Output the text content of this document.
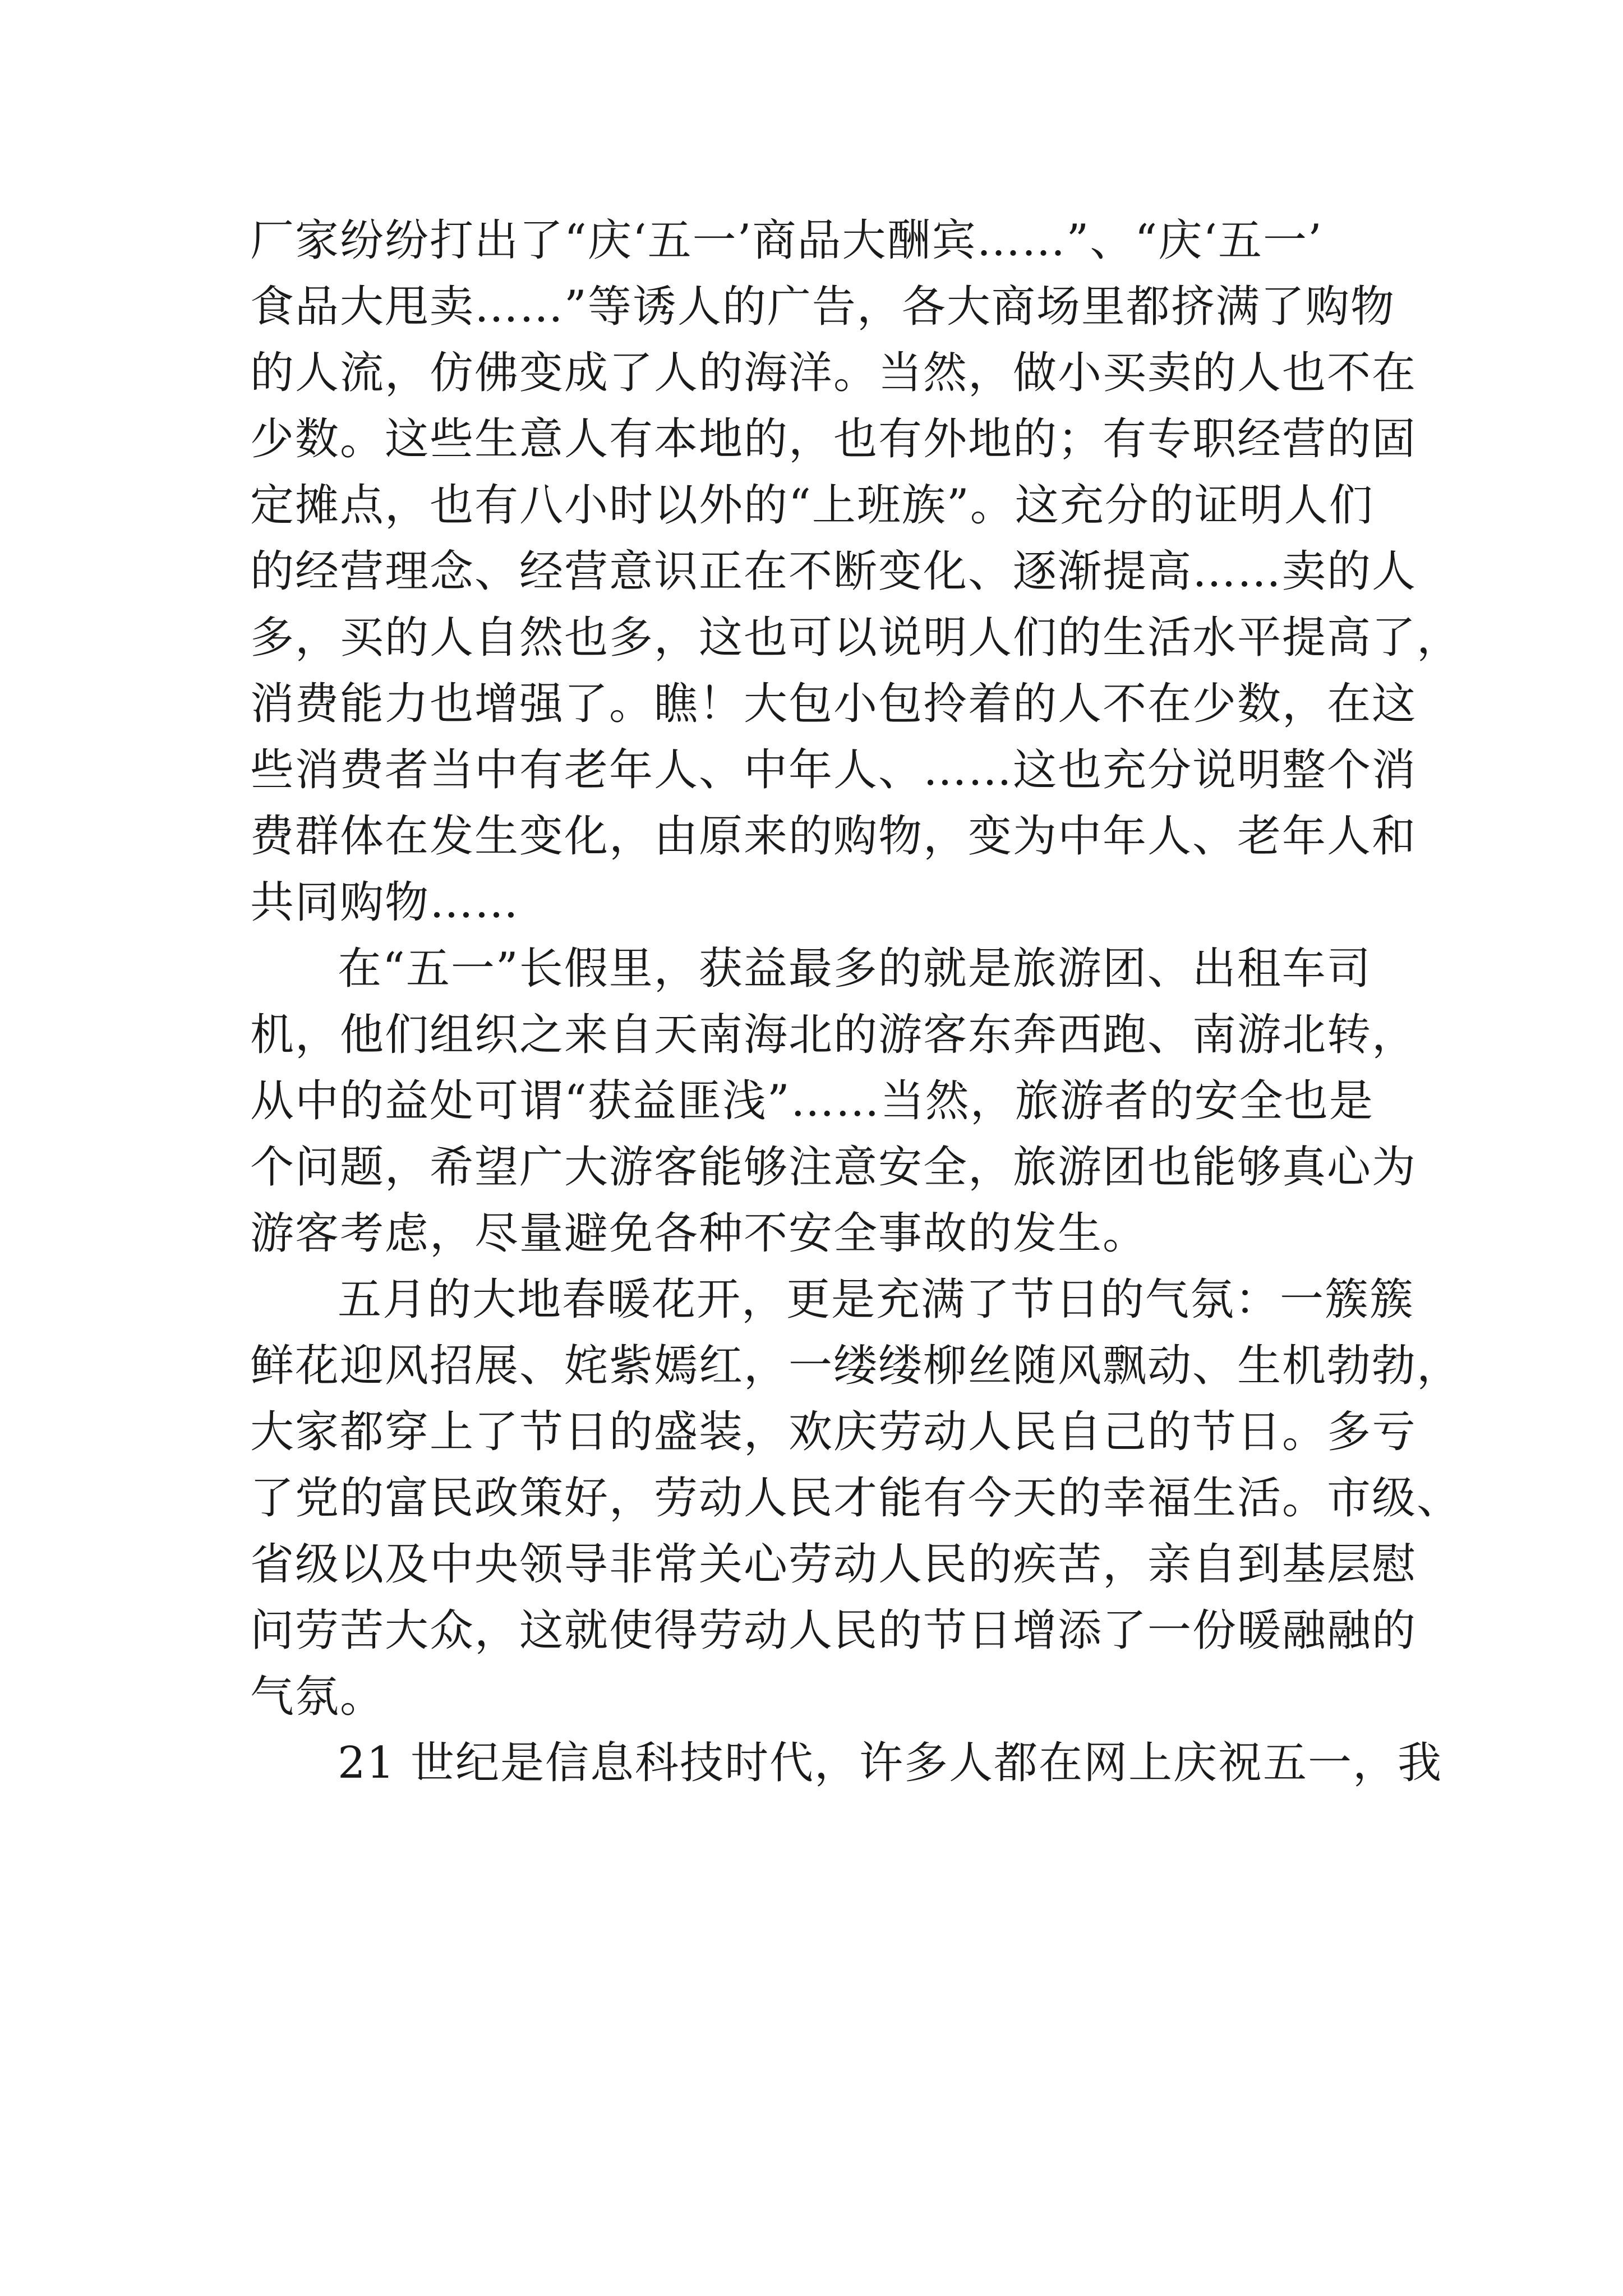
厂家纷纷打出了“庆‘五一’商品大酬宾……”、“庆‘五一’
食品大甩卖……”等诱人的广告，各大商场里都挤满了购物
的人流，仿佛变成了人的海洋。当然，做小买卖的人也不在
少数。这些生意人有本地的，也有外地的；有专职经营的固
定摊点，也有八小时以外的“上班族”。这充分的证明人们
的经营理念、经营意识正在不断变化、逐渐提高……卖的人
多，买的人自然也多，这也可以说明人们的生活水平提高了，
消费能力也增强了。瞧！大包小包拎着的人不在少数，在这
些消费者当中有老年人、中年人、……这也充分说明整个消
费群体在发生变化，由原来的购物，变为中年人、老年人和
共同购物……
在“五一”长假里，获益最多的就是旅游团、出租车司
机，他们组织之来自天南海北的游客东奔西跑、南游北转，
从中的益处可谓“获益匪浅”……当然，旅游者的安全也是
个问题，希望广大游客能够注意安全，旅游团也能够真心为
游客考虑，尽量避免各种不安全事故的发生。
五月的大地春暖花开，更是充满了节日的气氛：一簇簇
鲜花迎风招展、姹紫嫣红，一缕缕柳丝随风飘动、生机勃勃，
大家都穿上了节日的盛装，欢庆劳动人民自己的节日。多亏
了党的富民政策好，劳动人民才能有今天的幸福生活。市级、
省级以及中央领导非常关心劳动人民的疾苦，亲自到基层慰
问劳苦大众，这就使得劳动人民的节日增添了一份暖融融的
气氛。
21 世纪是信息科技时代，许多人都在网上庆祝五一，我
